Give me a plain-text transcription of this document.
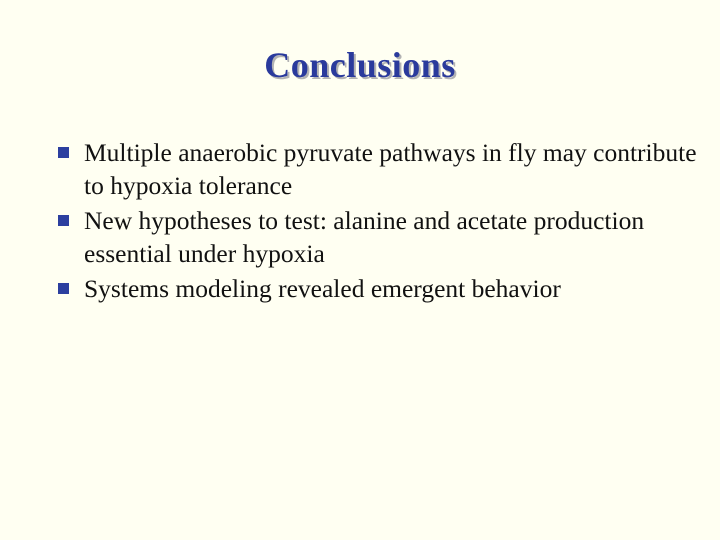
Conclusions
Multiple anaerobic pyruvate pathways in fly may contribute to hypoxia tolerance
New hypotheses to test: alanine and acetate production essential under hypoxia
Systems modeling revealed emergent behavior
